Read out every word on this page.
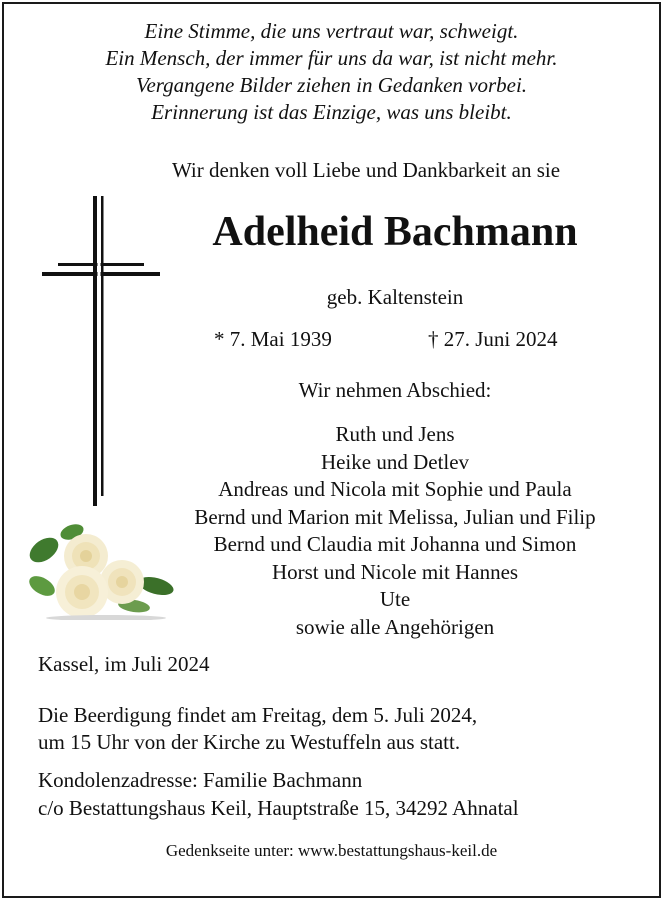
Eine Stimme, die uns vertraut war, schweigt.
Ein Mensch, der immer für uns da war, ist nicht mehr.
Vergangene Bilder ziehen in Gedanken vorbei.
Erinnerung ist das Einzige, was uns bleibt.
Wir denken voll Liebe und Dankbarkeit an sie
Adelheid Bachmann
geb. Kaltenstein
* 7. Mai 1939	† 27. Juni 2024
Wir nehmen Abschied:
Ruth und Jens
Heike und Detlev
Andreas und Nicola mit Sophie und Paula
Bernd und Marion mit Melissa, Julian und Filip
Bernd und Claudia mit Johanna und Simon
Horst und Nicole mit Hannes
Ute
sowie alle Angehörigen
Kassel, im Juli 2024
Die Beerdigung findet am Freitag, dem 5. Juli 2024,
um 15 Uhr von der Kirche zu Westuffeln aus statt.
Kondolenzadresse: Familie Bachmann
c/o Bestattungshaus Keil, Hauptstraße 15, 34292 Ahnatal
Gedenkseite unter: www.bestattungshaus-keil.de
